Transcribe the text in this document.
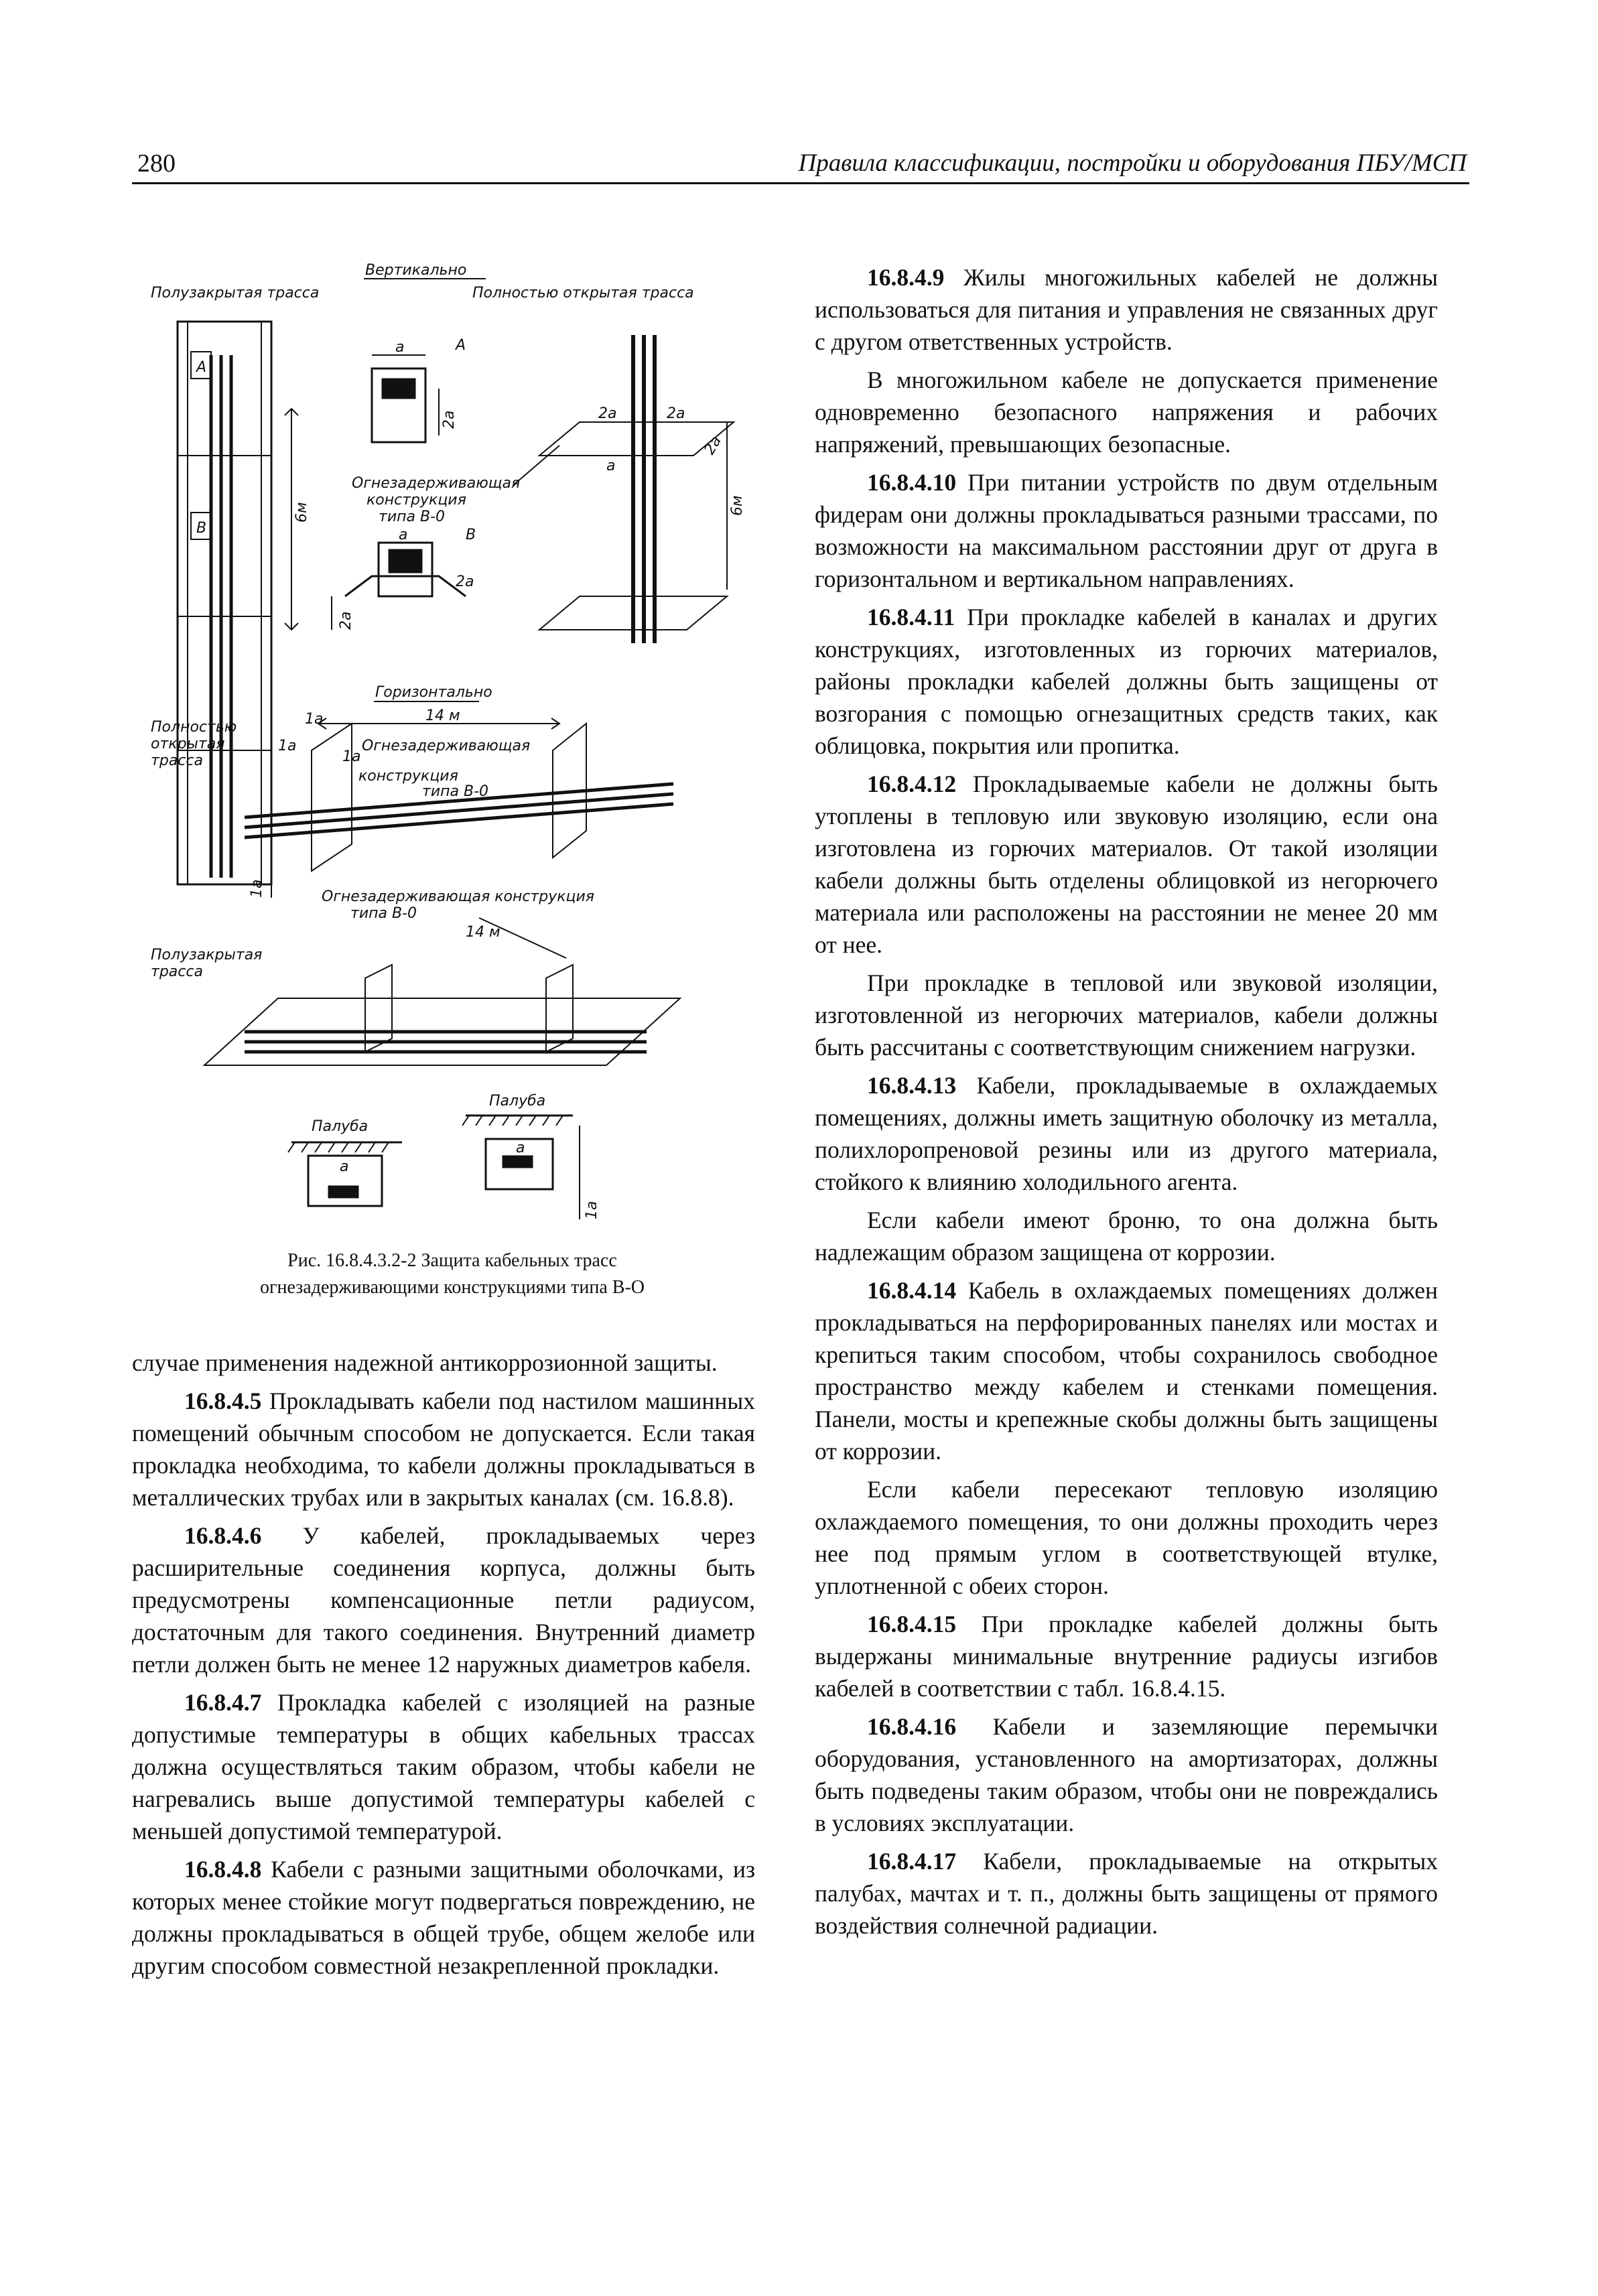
280	Правила классификации, постройки и оборудования ПБУ/МСП
Вертикально
Полузакрытая трасса	Полностью открытая трасса
А
В
6м
А
a
2a
Огнезадерживающая
конструкция
типа В-0
a	В
2a
2a
2a	2a
a
2a
6м
Горизонтально
Полностью
открытая
трасса
14 м
1a
1a
1a
Огнезадерживающая
конструкция
типа В-0
1a	Огнезадерживающая конструкция
типа В-0
14 м
Полузакрытая
трасса
Палуба
Палуба
a
a
1a
Рис. 16.8.4.3.2-2 Защита кабельных трасс
огнезадерживающими конструкциями типа В-О

случае применения надежной антикоррозионной защиты.

16.8.4.5 Прокладывать кабели под настилом машинных помещений обычным способом не допускается. Если такая прокладка необходима, то кабели должны прокладываться в металлических трубах или в закрытых каналах (см. 16.8.8).

16.8.4.6 У кабелей, прокладываемых через расширительные соединения корпуса, должны быть предусмотрены компенсационные петли радиусом, достаточным для такого соединения. Внутренний диаметр петли должен быть не менее 12 наружных диаметров кабеля.

16.8.4.7 Прокладка кабелей с изоляцией на разные допустимые температуры в общих кабельных трассах должна осуществляться таким образом, чтобы кабели не нагревались выше допустимой температуры кабелей с меньшей допустимой температурой.

16.8.4.8 Кабели с разными защитными оболочками, из которых менее стойкие могут подвергаться повреждению, не должны прокладываться в общей трубе, общем желобе или другим способом совместной незакрепленной прокладки.

16.8.4.9 Жилы многожильных кабелей не должны использоваться для питания и управления не связанных друг с другом ответственных устройств.

В многожильном кабеле не допускается применение одновременно безопасного напряжения и рабочих напряжений, превышающих безопасные.

16.8.4.10 При питании устройств по двум отдельным фидерам они должны прокладываться разными трассами, по возможности на максимальном расстоянии друг от друга в горизонтальном и вертикальном направлениях.

16.8.4.11 При прокладке кабелей в каналах и других конструкциях, изготовленных из горючих материалов, районы прокладки кабелей должны быть защищены от возгорания с помощью огнезащитных средств таких, как облицовка, покрытия или пропитка.

16.8.4.12 Прокладываемые кабели не должны быть утоплены в тепловую или звуковую изоляцию, если она изготовлена из горючих материалов. От такой изоляции кабели должны быть отделены облицовкой из негорючего материала или расположены на расстоянии не менее 20 мм от нее.

При прокладке в тепловой или звуковой изоляции, изготовленной из негорючих материалов, кабели должны быть рассчитаны с соответствующим снижением нагрузки.

16.8.4.13 Кабели, прокладываемые в охлаждаемых помещениях, должны иметь защитную оболочку из металла, полихлоропреновой резины или из другого материала, стойкого к влиянию холодильного агента.

Если кабели имеют броню, то она должна быть надлежащим образом защищена от коррозии.

16.8.4.14 Кабель в охлаждаемых помещениях должен прокладываться на перфорированных панелях или мостах и крепиться таким способом, чтобы сохранилось свободное пространство между кабелем и стенками помещения. Панели, мосты и крепежные скобы должны быть защищены от коррозии.

Если кабели пересекают тепловую изоляцию охлаждаемого помещения, то они должны проходить через нее под прямым углом в соответствующей втулке, уплотненной с обеих сторон.

16.8.4.15 При прокладке кабелей должны быть выдержаны минимальные внутренние радиусы изгибов кабелей в соответствии с табл. 16.8.4.15.

16.8.4.16 Кабели и заземляющие перемычки оборудования, установленного на амортизаторах, должны быть подведены таким образом, чтобы они не повреждались в условиях эксплуатации.

16.8.4.17 Кабели, прокладываемые на открытых палубах, мачтах и т. п., должны быть защищены от прямого воздействия солнечной радиации.
